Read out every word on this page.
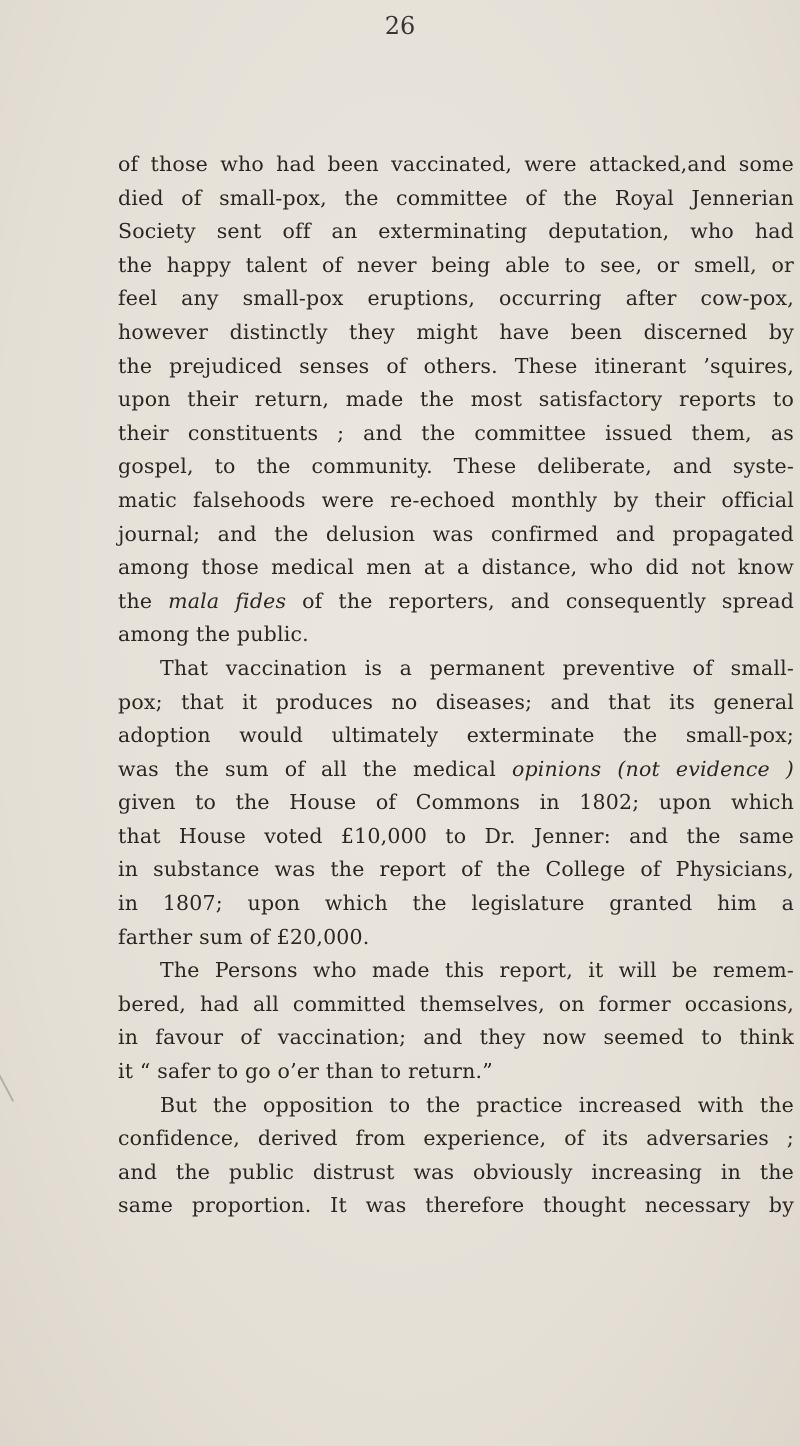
26
of those who had been vaccinated, were attacked,and some
died of small-pox, the committee of the Royal Jennerian
Society sent off an exterminating deputation, who had
the happy talent of never being able to see, or smell, or
feel any small-pox eruptions, occurring after cow-pox,
however distinctly they might have been discerned by
the prejudiced senses of others. These itinerant ’squires,
upon their return, made the most satisfactory reports to
their constituents ; and the committee issued them, as
gospel, to the community. These deliberate, and syste-
matic falsehoods were re-echoed monthly by their official
journal; and the delusion was confirmed and propagated
among those medical men at a distance, who did not know
the mala fides of the reporters, and consequently spread
among the public.
That vaccination is a permanent preventive of small-
pox; that it produces no diseases; and that its general
adoption would ultimately exterminate the small-pox;
was the sum of all the medical opinions (not evidence )
given to the House of Commons in 1802; upon which
that House voted £10,000 to Dr. Jenner: and the same
in substance was the report of the College of Physicians,
in 1807; upon which the legislature granted him a
farther sum of £20,000.
The Persons who made this report, it will be remem-
bered, had all committed themselves, on former occasions,
in favour of vaccination; and they now seemed to think
it “ safer to go o’er than to return.”
But the opposition to the practice increased with the
confidence, derived from experience, of its adversaries ;
and the public distrust was obviously increasing in the
same proportion. It was therefore thought necessary by
